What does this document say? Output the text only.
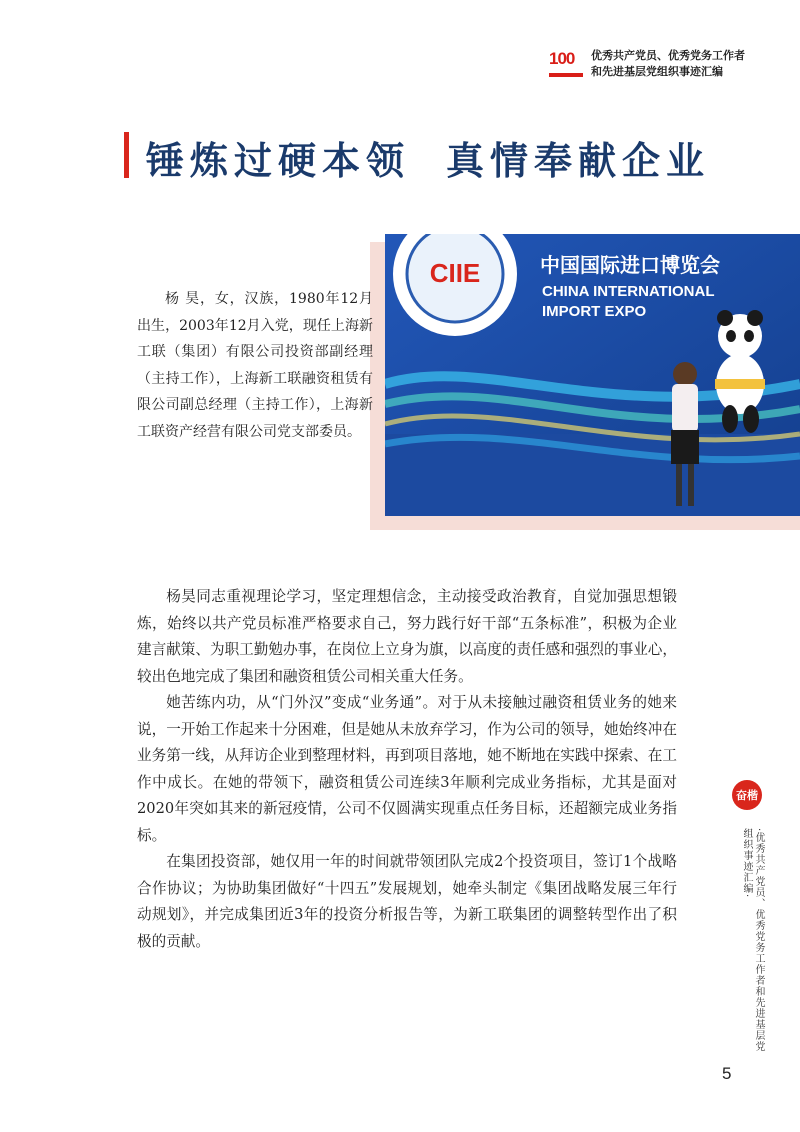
100 优秀共产党员、优秀党务工作者
和先进基层党组织事迹汇编
锤炼过硬本领 真情奉献企业
CIIE	中国国际进口博览会
CHINA INTERNATIONAL
IMPORT EXPO

杨 昊，女，汉族，1980年12月出生，2003年12月入党，现任上海新工联（集团）有限公司投资部副经理（主持工作），上海新工联融资租赁有限公司副总经理（主持工作），上海新工联资产经营有限公司党支部委员。

杨昊同志重视理论学习，坚定理想信念，主动接受政治教育，自觉加强思想锻炼，始终以共产党员标准严格要求自己，努力践行好干部“五条标准”，积极为企业建言献策、为职工勤勉办事，在岗位上立身为旗，以高度的责任感和强烈的事业心，较出色地完成了集团和融资租赁公司相关重大任务。

她苦练内功，从“门外汉”变成“业务通”。对于从未接触过融资租赁业务的她来说，一开始工作起来十分困难，但是她从未放弃学习，作为公司的领导，她始终冲在业务第一线，从拜访企业到整理材料，再到项目落地，她不断地在实践中探索、在工作中成长。在她的带领下，融资租赁公司连续3年顺利完成业务指标，尤其是面对2020年突如其来的新冠疫情，公司不仅圆满实现重点任务目标，还超额完成业务指标。

在集团投资部，她仅用一年的时间就带领团队完成2个投资项目，签订1个战略合作协议；为协助集团做好“十四五”发展规划，她牵头制定《集团战略发展三年行动规划》，并完成集团近3年的投资分析报告等，为新工联集团的调整转型作出了积极的贡献。

奋楷
·优秀共产党员、优秀党务工作者和先进基层党组织事迹汇编·
5
